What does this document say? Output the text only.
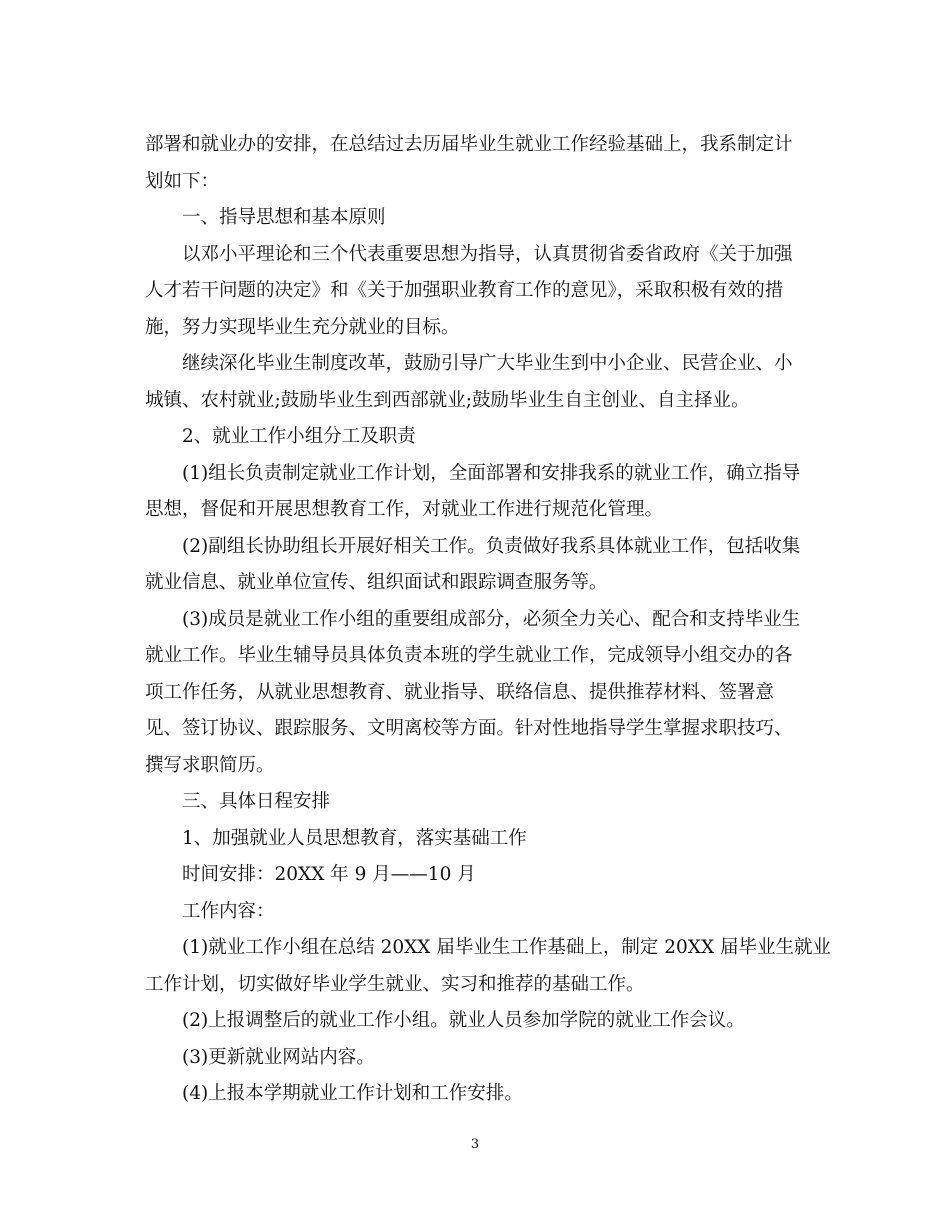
部署和就业办的安排，在总结过去历届毕业生就业工作经验基础上，我系制定计
划如下：
一、指导思想和基本原则
以邓小平理论和三个代表重要思想为指导，认真贯彻省委省政府《关于加强
人才若干问题的决定》和《关于加强职业教育工作的意见》，采取积极有效的措
施，努力实现毕业生充分就业的目标。
继续深化毕业生制度改革，鼓励引导广大毕业生到中小企业、民营企业、小
城镇、农村就业;鼓励毕业生到西部就业;鼓励毕业生自主创业、自主择业。
2、就业工作小组分工及职责
(1)组长负责制定就业工作计划，全面部署和安排我系的就业工作，确立指导
思想，督促和开展思想教育工作，对就业工作进行规范化管理。
(2)副组长协助组长开展好相关工作。负责做好我系具体就业工作，包括收集
就业信息、就业单位宣传、组织面试和跟踪调查服务等。
(3)成员是就业工作小组的重要组成部分，必须全力关心、配合和支持毕业生
就业工作。毕业生辅导员具体负责本班的学生就业工作，完成领导小组交办的各
项工作任务，从就业思想教育、就业指导、联络信息、提供推荐材料、签署意
见、签订协议、跟踪服务、文明离校等方面。针对性地指导学生掌握求职技巧、
撰写求职简历。
三、具体日程安排
1、加强就业人员思想教育，落实基础工作
时间安排：20XX 年 9 月——10 月
工作内容：
(1)就业工作小组在总结 20XX 届毕业生工作基础上，制定 20XX 届毕业生就业
工作计划，切实做好毕业学生就业、实习和推荐的基础工作。
(2)上报调整后的就业工作小组。就业人员参加学院的就业工作会议。
(3)更新就业网站内容。
(4)上报本学期就业工作计划和工作安排。
3
